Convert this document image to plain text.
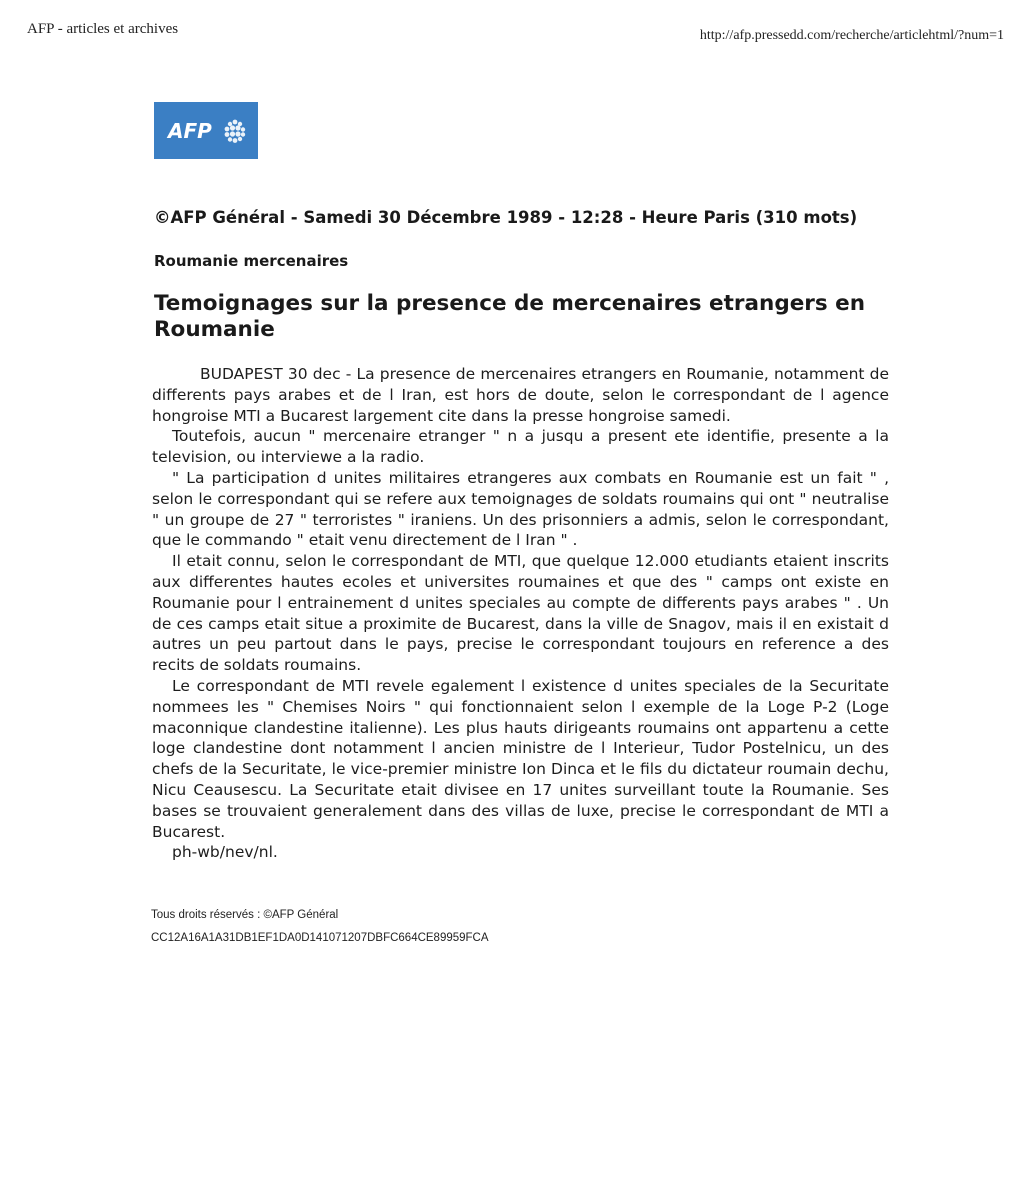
AFP - articles et archives	http://afp.pressedd.com/recherche/articlehtml/?num=1
AFP
©AFP Général - Samedi 30 Décembre 1989 - 12:28 - Heure Paris (310 mots)
Roumanie mercenaires
Temoignages sur la presence de mercenaires etrangers en Roumanie

BUDAPEST 30 dec - La presence de mercenaires etrangers en Roumanie, notamment de differents pays arabes et de l Iran, est hors de doute, selon le correspondant de l agence hongroise MTI a Bucarest largement cite dans la presse hongroise samedi.

Toutefois, aucun " mercenaire etranger " n a jusqu a present ete identifie, presente a la television, ou interviewe a la radio.

" La participation d unites militaires etrangeres aux combats en Roumanie est un fait " , selon le correspondant qui se refere aux temoignages de soldats roumains qui ont " neutralise " un groupe de 27 " terroristes " iraniens. Un des prisonniers a admis, selon le correspondant, que le commando " etait venu directement de l Iran " .

Il etait connu, selon le correspondant de MTI, que quelque 12.000 etudiants etaient inscrits aux differentes hautes ecoles et universites roumaines et que des " camps ont existe en Roumanie pour l entrainement d unites speciales au compte de differents pays arabes " . Un de ces camps etait situe a proximite de Bucarest, dans la ville de Snagov, mais il en existait d autres un peu partout dans le pays, precise le correspondant toujours en reference a des recits de soldats roumains.

Le correspondant de MTI revele egalement l existence d unites speciales de la Securitate nommees les " Chemises Noirs " qui fonctionnaient selon l exemple de la Loge P-2 (Loge maconnique clandestine italienne). Les plus hauts dirigeants roumains ont appartenu a cette loge clandestine dont notamment l ancien ministre de l Interieur, Tudor Postelnicu, un des chefs de la Securitate, le vice-premier ministre Ion Dinca et le fils du dictateur roumain dechu, Nicu Ceausescu. La Securitate etait divisee en 17 unites surveillant toute la Roumanie. Ses bases se trouvaient generalement dans des villas de luxe, precise le correspondant de MTI a Bucarest.

ph-wb/nev/nl.

Tous droits réservés : ©AFP Général
CC12A16A1A31DB1EF1DA0D141071207DBFC664CE89959FCA
